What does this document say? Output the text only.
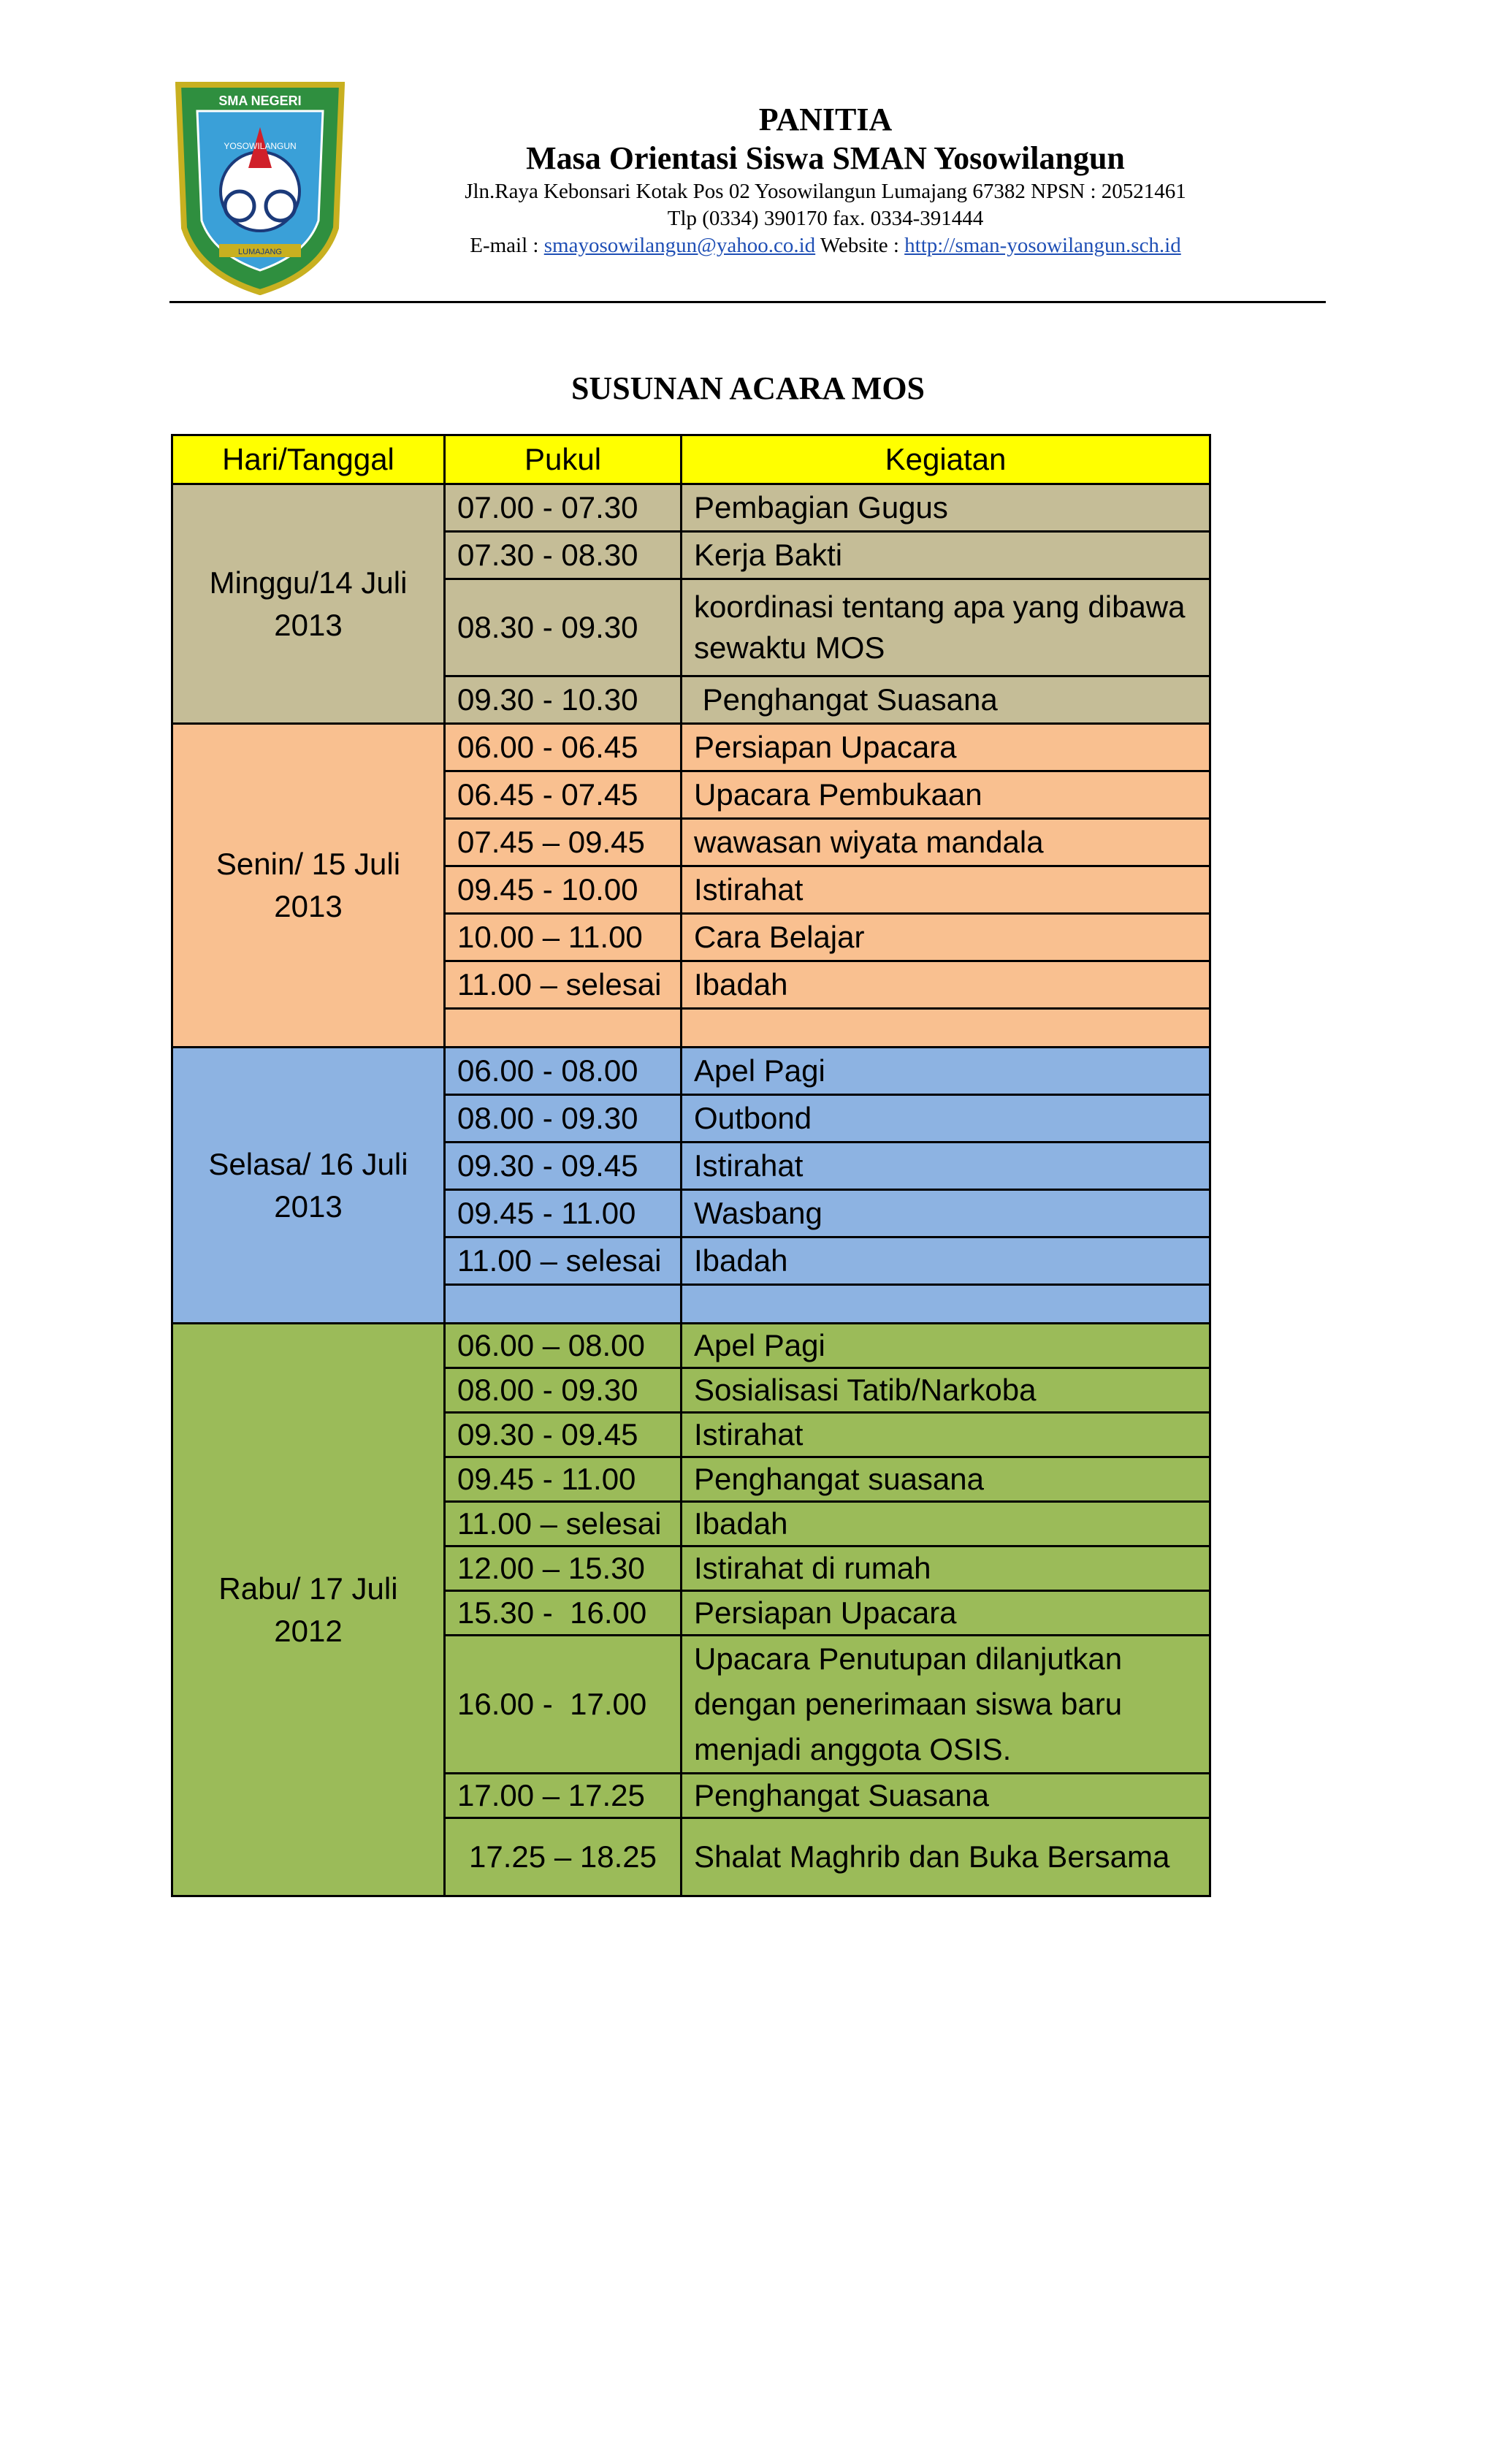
SMA NEGERI
YOSOWILANGUN
LUMAJANG
PANITIA
Masa Orientasi Siswa SMAN Yosowilangun
Jln.Raya Kebonsari Kotak Pos 02 Yosowilangun Lumajang 67382 NPSN : 20521461
Tlp (0334) 390170 fax. 0334-391444
E-mail : smayosowilangun@yahoo.co.id Website : http://sman-yosowilangun.sch.id
SUSUNAN ACARA MOS
Hari/Tanggal	Pukul	Kegiatan
Minggu/14 Juli 2013	07.00 - 07.30	Pembagian Gugus
	07.30 - 08.30	Kerja Bakti
	08.30 - 09.30	koordinasi tentang apa yang dibawa sewaktu MOS
	09.30 - 10.30	Penghangat Suasana
Senin/ 15 Juli 2013	06.00 - 06.45	Persiapan Upacara
	06.45 - 07.45	Upacara Pembukaan
	07.45 – 09.45	wawasan wiyata mandala
	09.45 - 10.00	Istirahat
	10.00 – 11.00	Cara Belajar
	11.00 – selesai	Ibadah

Selasa/ 16 Juli 2013	06.00 - 08.00	Apel Pagi
	08.00 - 09.30	Outbond
	09.30 - 09.45	Istirahat
	09.45 - 11.00	Wasbang
	11.00 – selesai	Ibadah

Rabu/ 17 Juli 2012	06.00 – 08.00	Apel Pagi
	08.00 - 09.30	Sosialisasi Tatib/Narkoba
	09.30 - 09.45	Istirahat
	09.45 - 11.00	Penghangat suasana
	11.00 – selesai	Ibadah
	12.00 – 15.30	Istirahat di rumah
	15.30 -  16.00	Persiapan Upacara
	16.00 -  17.00	Upacara Penutupan dilanjutkan dengan penerimaan siswa baru menjadi anggota OSIS.
	17.00 – 17.25	Penghangat Suasana
	17.25 – 18.25	Shalat Maghrib dan Buka Bersama
